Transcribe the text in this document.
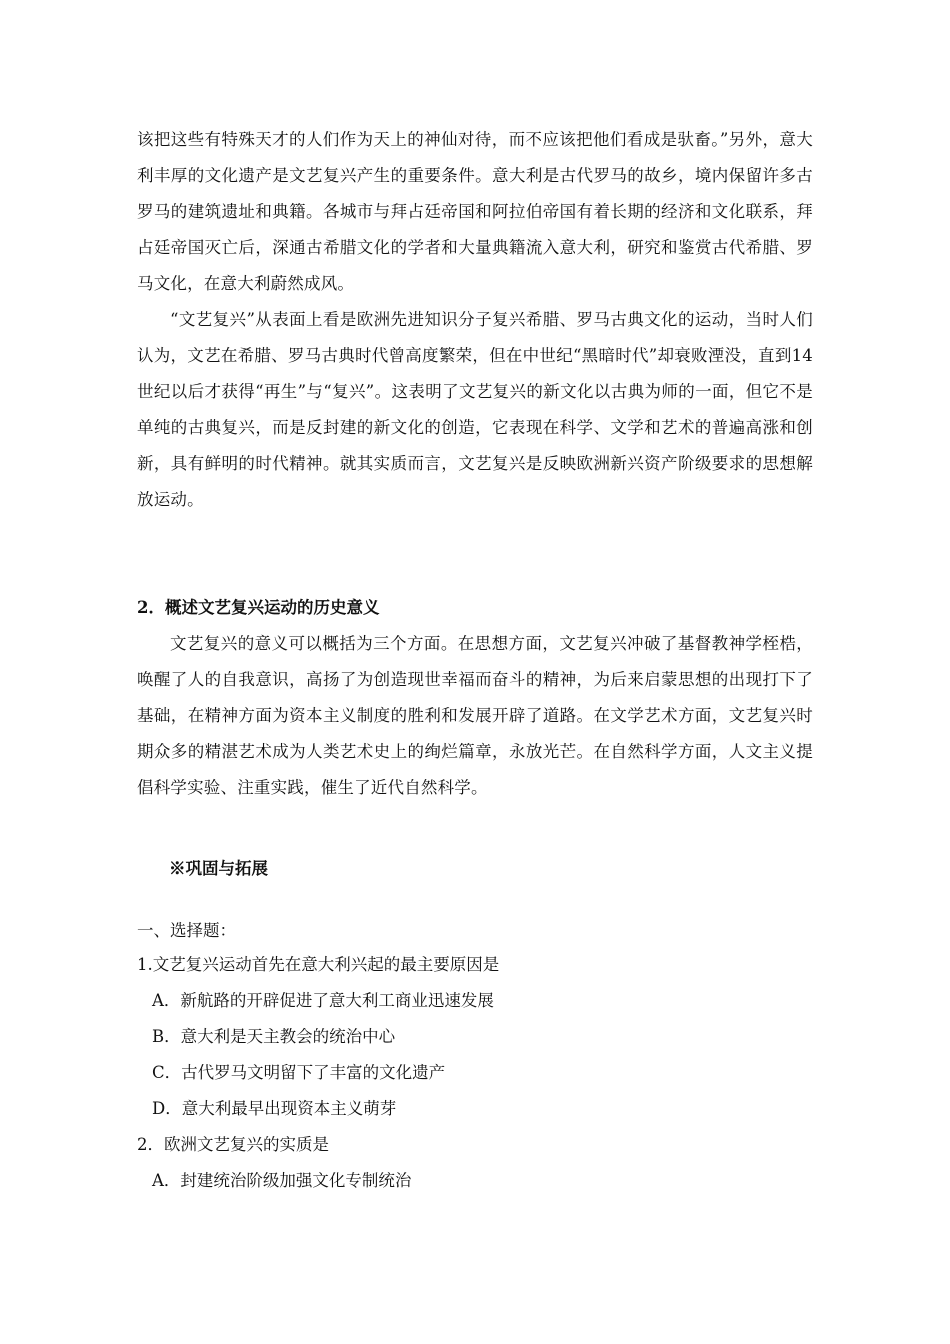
该把这些有特殊天才的人们作为天上的神仙对待，而不应该把他们看成是驮畜。”另外，意大利丰厚的文化遗产是文艺复兴产生的重要条件。意大利是古代罗马的故乡，境内保留许多古罗马的建筑遗址和典籍。各城市与拜占廷帝国和阿拉伯帝国有着长期的经济和文化联系，拜占廷帝国灭亡后，深通古希腊文化的学者和大量典籍流入意大利，研究和鉴赏古代希腊、罗马文化，在意大利蔚然成风。

“文艺复兴”从表面上看是欧洲先进知识分子复兴希腊、罗马古典文化的运动，当时人们认为，文艺在希腊、罗马古典时代曾高度繁荣，但在中世纪“黑暗时代”却衰败湮没，直到14世纪以后才获得“再生”与“复兴”。这表明了文艺复兴的新文化以古典为师的一面，但它不是单纯的古典复兴，而是反封建的新文化的创造，它表现在科学、文学和艺术的普遍高涨和创新，具有鲜明的时代精神。就其实质而言，文艺复兴是反映欧洲新兴资产阶级要求的思想解放运动。

2．概述文艺复兴运动的历史意义

文艺复兴的意义可以概括为三个方面。在思想方面，文艺复兴冲破了基督教神学桎梏，唤醒了人的自我意识，高扬了为创造现世幸福而奋斗的精神，为后来启蒙思想的出现打下了基础，在精神方面为资本主义制度的胜利和发展开辟了道路。在文学艺术方面，文艺复兴时期众多的精湛艺术成为人类艺术史上的绚烂篇章，永放光芒。在自然科学方面，人文主义提倡科学实验、注重实践，催生了近代自然科学。

※巩固与拓展

一、选择题：

1.文艺复兴运动首先在意大利兴起的最主要原因是

A．新航路的开辟促进了意大利工商业迅速发展

B．意大利是天主教会的统治中心

C．古代罗马文明留下了丰富的文化遗产

D．意大利最早出现资本主义萌芽

2．欧洲文艺复兴的实质是

A．封建统治阶级加强文化专制统治
